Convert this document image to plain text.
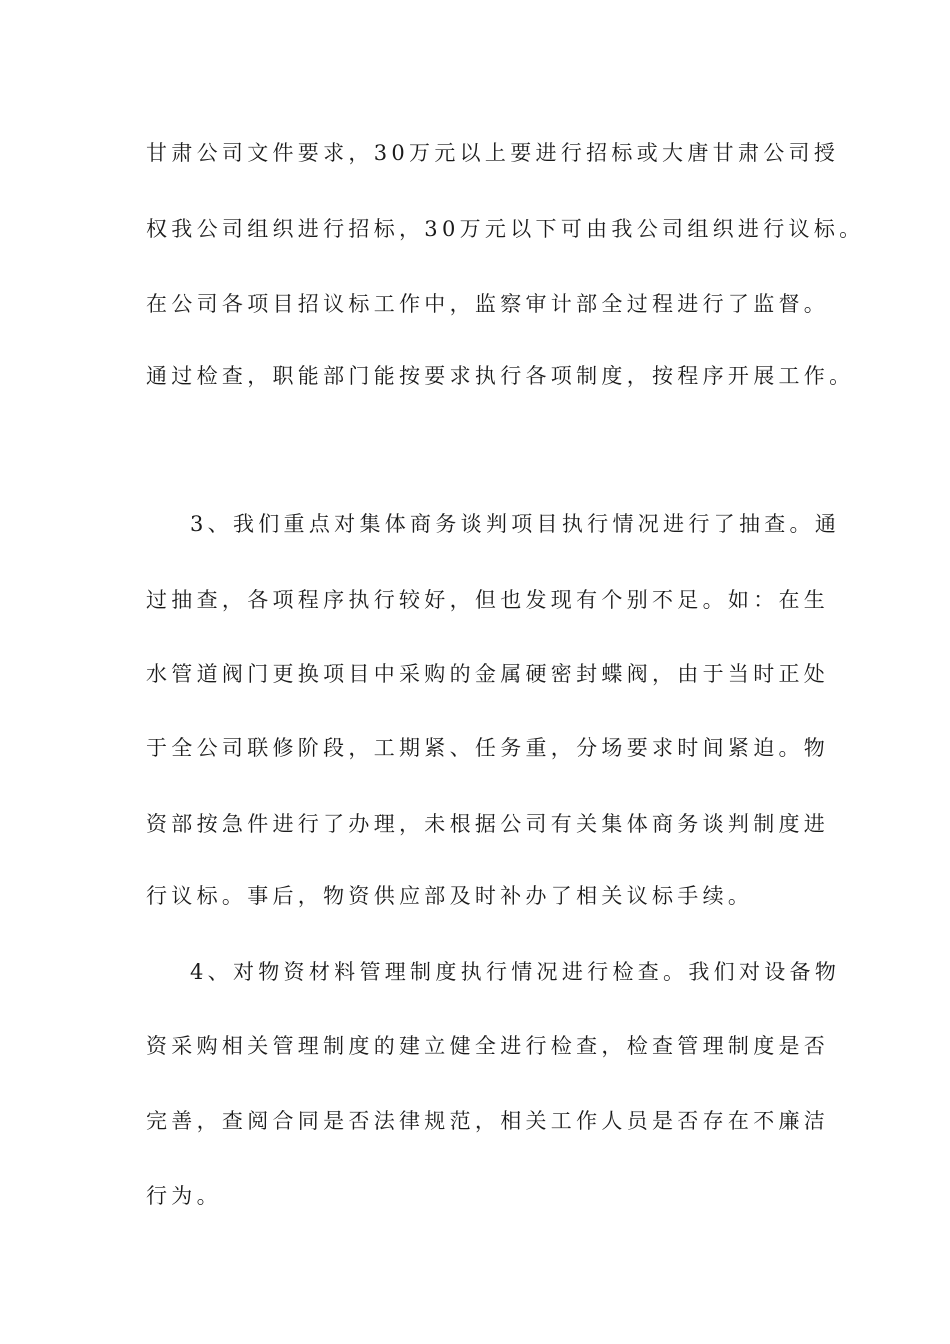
甘肃公司文件要求，30万元以上要进行招标或大唐甘肃公司授
权我公司组织进行招标，30万元以下可由我公司组织进行议标。
在公司各项目招议标工作中，监察审计部全过程进行了监督。
通过检查，职能部门能按要求执行各项制度，按程序开展工作。
3、我们重点对集体商务谈判项目执行情况进行了抽查。通
过抽查，各项程序执行较好，但也发现有个别不足。如：在生
水管道阀门更换项目中采购的金属硬密封蝶阀，由于当时正处
于全公司联修阶段，工期紧、任务重，分场要求时间紧迫。物
资部按急件进行了办理，未根据公司有关集体商务谈判制度进
行议标。事后，物资供应部及时补办了相关议标手续。
4、对物资材料管理制度执行情况进行检查。我们对设备物
资采购相关管理制度的建立健全进行检查，检查管理制度是否
完善，查阅合同是否法律规范，相关工作人员是否存在不廉洁
行为。
